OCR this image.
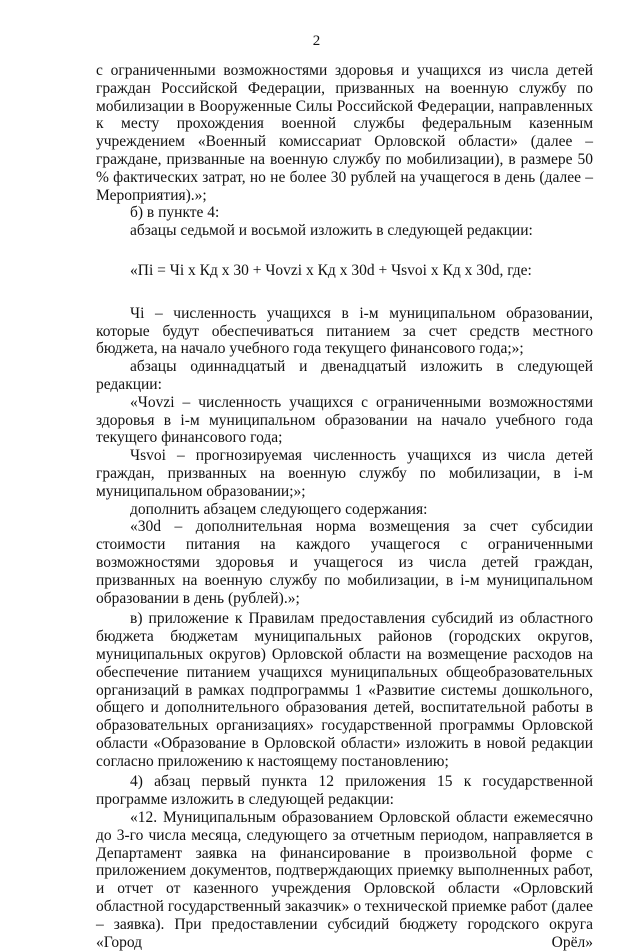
2

с ограниченными возможностями здоровья и учащихся из числа детей граждан Российской Федерации, призванных на военную службу по мобилизации в Вооруженные Силы Российской Федерации, направленных к месту прохождения военной службы федеральным казенным учреждением «Военный комиссариат Орловской области» (далее – граждане, призванные на военную службу по мобилизации), в размере 50 % фактических затрат, но не более 30 рублей на учащегося в день (далее – Мероприятия).»;

б) в пункте 4:

абзацы седьмой и восьмой изложить в следующей редакции:

«Пi = Чi х Кд х 30 + Чоvzi х Кд х 30d + Чsvoi х Кд х 30d, где:

Чi – численность учащихся в i-м муниципальном образовании, которые будут обеспечиваться питанием за счет средств местного бюджета, на начало учебного года текущего финансового года;»;

абзацы одиннадцатый и двенадцатый изложить в следующей редакции:

«Чоvzi – численность учащихся с ограниченными возможностями здоровья в i-м муниципальном образовании на начало учебного года текущего финансового года;

Чsvoi – прогнозируемая численность учащихся из числа детей граждан, призванных на военную службу по мобилизации, в i-м муниципальном образовании;»;

дополнить абзацем следующего содержания:

«30d – дополнительная норма возмещения за счет субсидии стоимости питания на каждого учащегося с ограниченными возможностями здоровья и учащегося из числа детей граждан, призванных на военную службу по мобилизации, в i-м муниципальном образовании в день (рублей).»;

в) приложение к Правилам предоставления субсидий из областного бюджета бюджетам муниципальных районов (городских округов, муниципальных округов) Орловской области на возмещение расходов на обеспечение питанием учащихся муниципальных общеобразовательных организаций в рамках подпрограммы 1 «Развитие системы дошкольного, общего и дополнительного образования детей, воспитательной работы в образовательных организациях» государственной программы Орловской области «Образование в Орловской области» изложить в новой редакции согласно приложению к настоящему постановлению;

4) абзац первый пункта 12 приложения 15 к государственной программе изложить в следующей редакции:

«12. Муниципальным образованием Орловской области ежемесячно до 3-го числа месяца, следующего за отчетным периодом, направляется в Департамент заявка на финансирование в произвольной форме с приложением документов, подтверждающих приемку выполненных работ, и отчет от казенного учреждения Орловской области «Орловский областной государственный заказчик» о технической приемке работ (далее – заявка). При предоставлении субсидий бюджету городского округа «Город Орёл»
